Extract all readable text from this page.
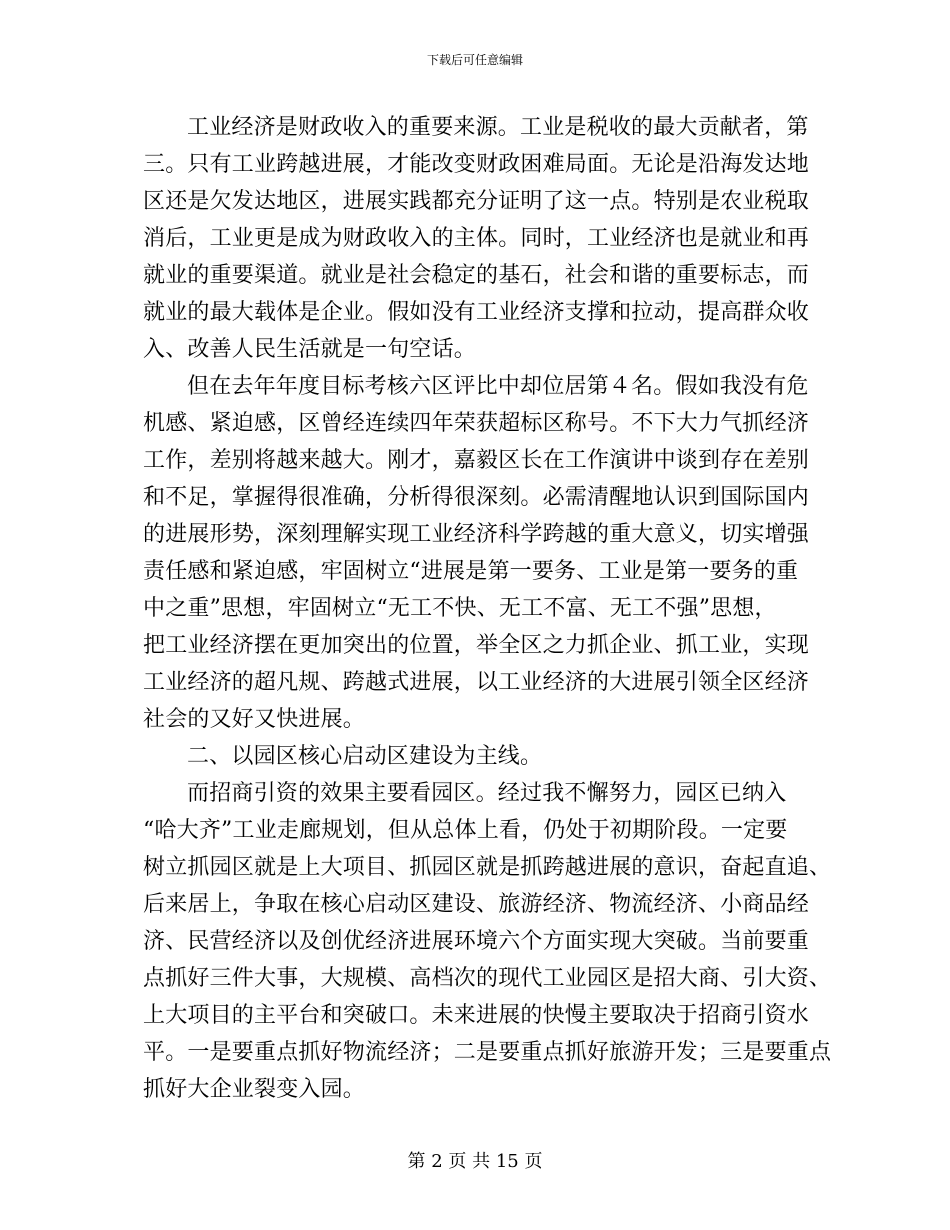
下载后可任意编辑
工业经济是财政收入的重要来源。工业是税收的最大贡献者，第
三。只有工业跨越进展，才能改变财政困难局面。无论是沿海发达地
区还是欠发达地区，进展实践都充分证明了这一点。特别是农业税取
消后，工业更是成为财政收入的主体。同时，工业经济也是就业和再
就业的重要渠道。就业是社会稳定的基石，社会和谐的重要标志，而
就业的最大载体是企业。假如没有工业经济支撑和拉动，提高群众收
入、改善人民生活就是一句空话。
但在去年年度目标考核六区评比中却位居第４名。假如我没有危
机感、紧迫感，区曾经连续四年荣获超标区称号。不下大力气抓经济
工作，差别将越来越大。刚才，嘉毅区长在工作演讲中谈到存在差别
和不足，掌握得很准确，分析得很深刻。必需清醒地认识到国际国内
的进展形势，深刻理解实现工业经济科学跨越的重大意义，切实增强
责任感和紧迫感，牢固树立“进展是第一要务、工业是第一要务的重
中之重”思想，牢固树立“无工不快、无工不富、无工不强”思想，
把工业经济摆在更加突出的位置，举全区之力抓企业、抓工业，实现
工业经济的超凡规、跨越式进展，以工业经济的大进展引领全区经济
社会的又好又快进展。
二、以园区核心启动区建设为主线。
而招商引资的效果主要看园区。经过我不懈努力，园区已纳入
“哈大齐”工业走廊规划，但从总体上看，仍处于初期阶段。一定要
树立抓园区就是上大项目、抓园区就是抓跨越进展的意识，奋起直追、
后来居上，争取在核心启动区建设、旅游经济、物流经济、小商品经
济、民营经济以及创优经济进展环境六个方面实现大突破。当前要重
点抓好三件大事，大规模、高档次的现代工业园区是招大商、引大资、
上大项目的主平台和突破口。未来进展的快慢主要取决于招商引资水
平。一是要重点抓好物流经济；二是要重点抓好旅游开发；三是要重点
抓好大企业裂变入园。
第 2 页 共 15 页
